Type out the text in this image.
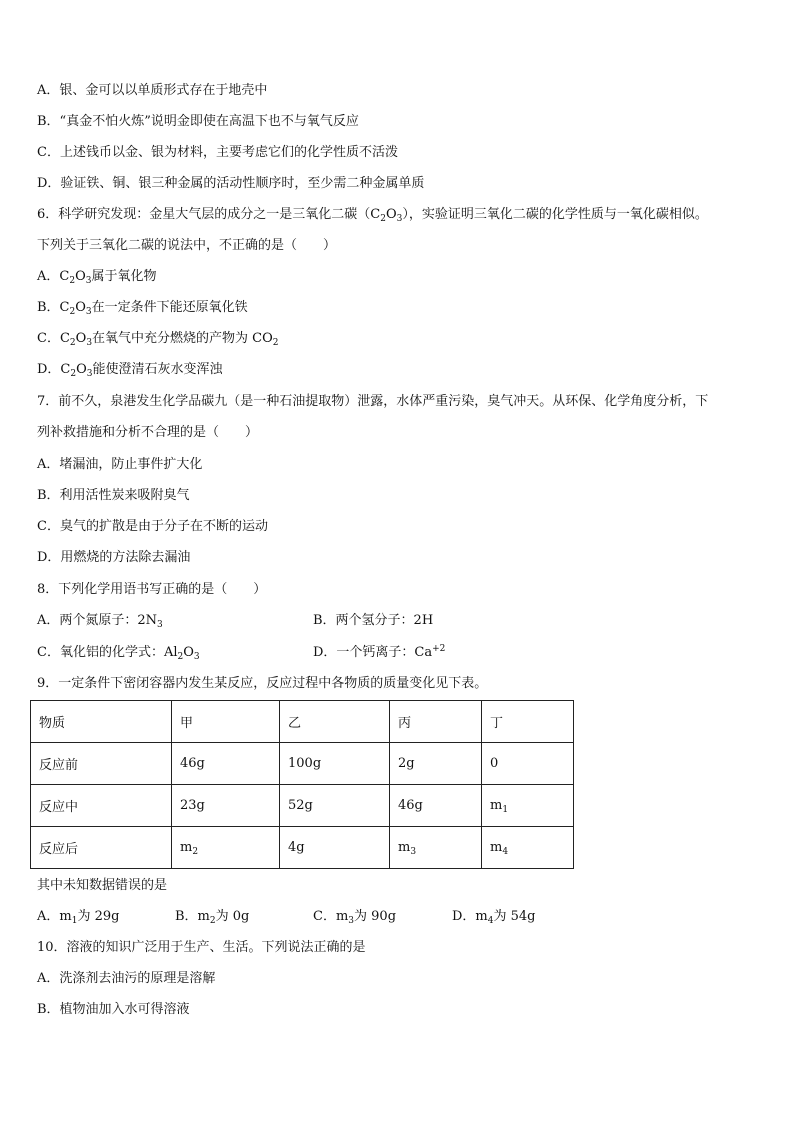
A．银、金可以以单质形式存在于地壳中
B．“真金不怕火炼”说明金即使在高温下也不与氧气反应
C．上述钱币以金、银为材料，主要考虑它们的化学性质不活泼
D．验证铁、铜、银三种金属的活动性顺序时，至少需二种金属单质
6．科学研究发现：金星大气层的成分之一是三氧化二碳$(C_2O_3)$，实验证明三氧化二碳的化学性质与一氧化碳相似。
下列关于三氧化二碳的说法中，不正确的是（　　）
A．$C_2O_3$属于氧化物
B．$C_2O_3$在一定条件下能还原氧化铁
C．$C_2O_3$在氧气中充分燃烧的产物为 $CO_2$
D．$C_2O_3$能使澄清石灰水变浑浊
7．前不久，泉港发生化学品碳九（是一种石油提取物）泄露，水体严重污染，臭气冲天。从环保、化学角度分析，下
列补救措施和分析不合理的是（　　）
A．堵漏油，防止事件扩大化
B．利用活性炭来吸附臭气
C．臭气的扩散是由于分子在不断的运动
D．用燃烧的方法除去漏油
8．下列化学用语书写正确的是（　　）
A．两个氮原子：$2N_3$	B．两个氢分子：2H
C．氧化铝的化学式：$Al_2O_3$	D．一个钙离子：$Ca^{+2}$
9．一定条件下密闭容器内发生某反应，反应过程中各物质的质量变化见下表。
物质	甲	乙	丙	丁
反应前	46g	100g	2g	0
反应中	23g	52g	46g	$m_1$
反应后	$m_2$	4g	$m_3$	$m_4$
其中未知数据错误的是
A．$m_1$为 29g	B．$m_2$为 0g	C．$m_3$为 90g	D．$m_4$为 54g
10．溶液的知识广泛用于生产、生活。下列说法正确的是
A．洗涤剂去油污的原理是溶解
B．植物油加入水可得溶液
